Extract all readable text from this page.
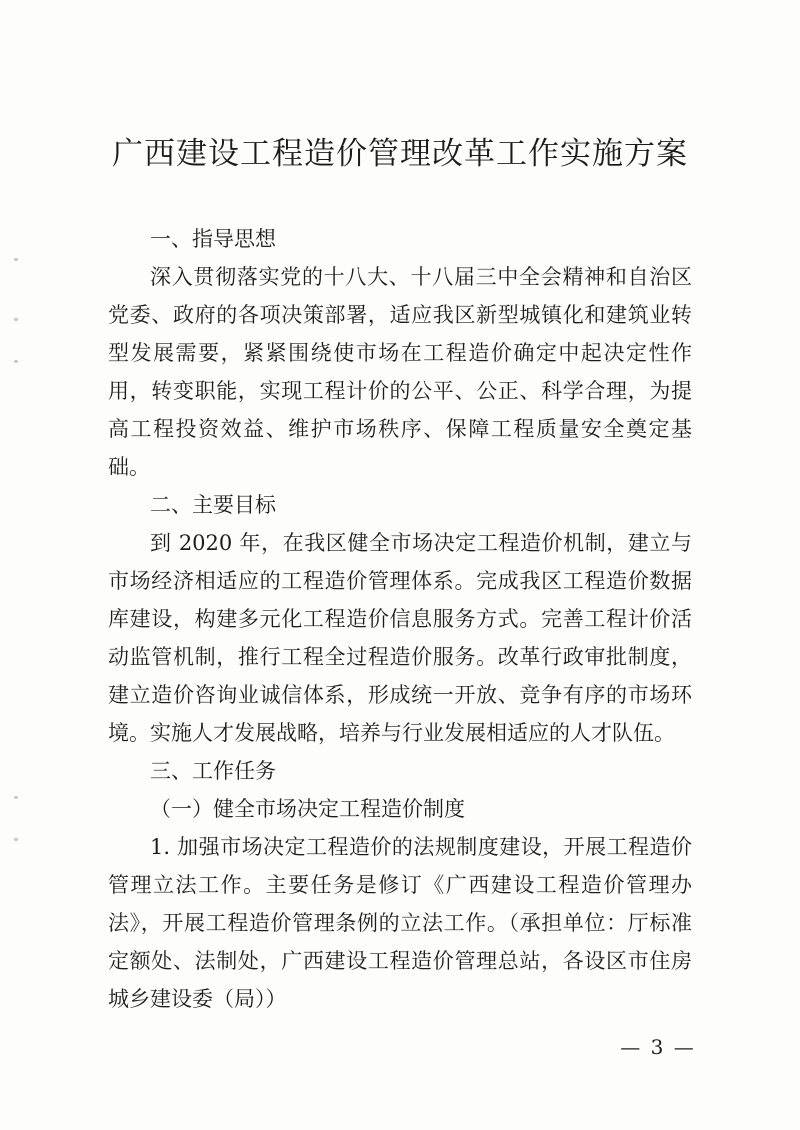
广西建设工程造价管理改革工作实施方案

一、指导思想

深入贯彻落实党的十八大、十八届三中全会精神和自治区党委、政府的各项决策部署，适应我区新型城镇化和建筑业转型发展需要，紧紧围绕使市场在工程造价确定中起决定性作用，转变职能，实现工程计价的公平、公正、科学合理，为提高工程投资效益、维护市场秩序、保障工程质量安全奠定基础。

二、主要目标

到 2020 年，在我区健全市场决定工程造价机制，建立与市场经济相适应的工程造价管理体系。完成我区工程造价数据库建设，构建多元化工程造价信息服务方式。完善工程计价活动监管机制，推行工程全过程造价服务。改革行政审批制度，建立造价咨询业诚信体系，形成统一开放、竞争有序的市场环境。实施人才发展战略，培养与行业发展相适应的人才队伍。

三、工作任务

（一）健全市场决定工程造价制度

1. 加强市场决定工程造价的法规制度建设，开展工程造价管理立法工作。主要任务是修订《广西建设工程造价管理办法》，开展工程造价管理条例的立法工作。（承担单位：厅标准定额处、法制处，广西建设工程造价管理总站，各设区市住房城乡建设委（局））

— 3 —
